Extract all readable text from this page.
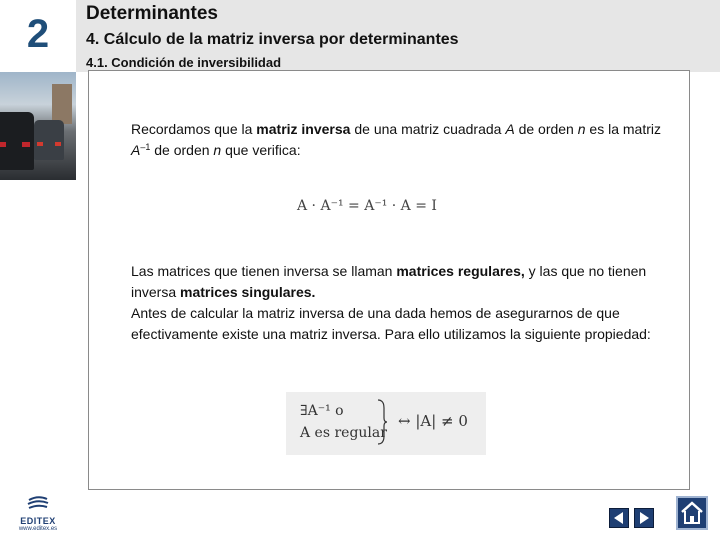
2	Determinantes
4. Cálculo de la matriz inversa por determinantes
4.1. Condición de inversibilidad
Recordamos que la matriz inversa de una matriz cuadrada A de orden n es la matriz $A^{-1}$ de orden n que verifica:
A · A⁻¹ = A⁻¹ · A = I
Las matrices que tienen inversa se llaman matrices regulares, y las que no tienen inversa matrices singulares.
Antes de calcular la matriz inversa de una dada hemos de asegurarnos de que efectivamente existe una matriz inversa. Para ello utilizamos la siguiente propiedad:
∃A⁻¹ o
A es regular
↔ |A| ≠ 0
EDITEX
www.editex.es
